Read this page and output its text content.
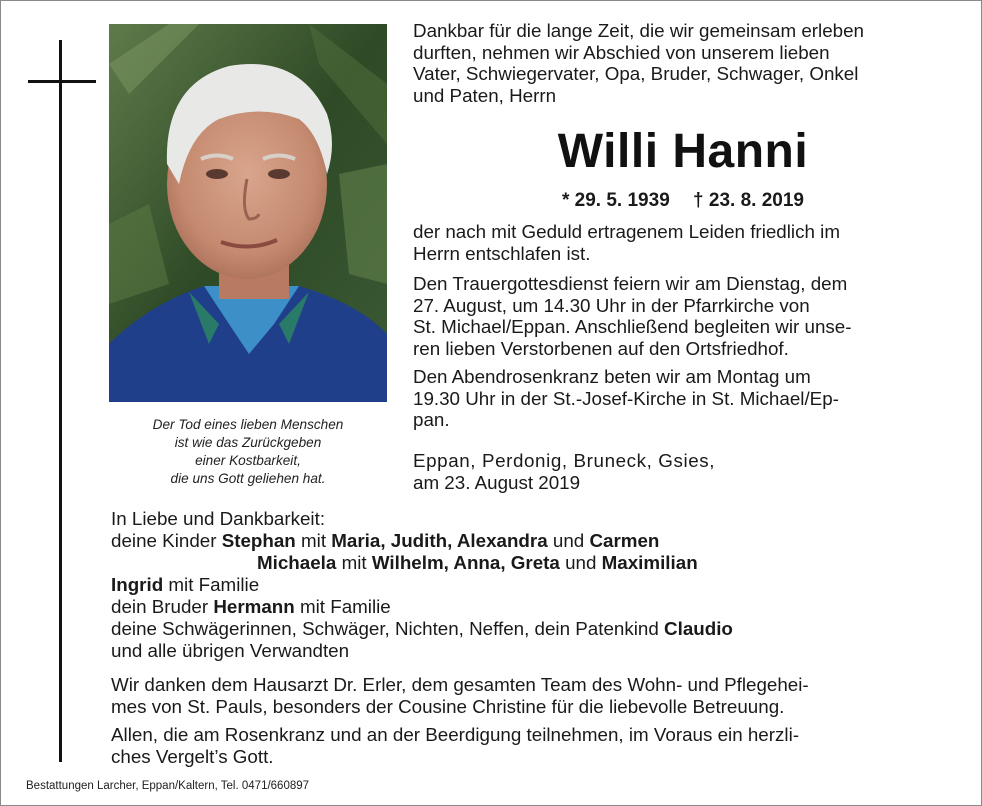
Der Tod eines lieben Menschen
ist wie das Zurückgeben
einer Kostbarkeit,
die uns Gott geliehen hat.
Dankbar für die lange Zeit, die wir gemeinsam erleben
durften, nehmen wir Abschied von unserem lieben
Vater, Schwiegervater, Opa, Bruder, Schwager, Onkel
und Paten, Herrn
Willi Hanni
* 29. 5. 1939 † 23. 8. 2019
der nach mit Geduld ertragenem Leiden friedlich im
Herrn entschlafen ist.
Den Trauergottesdienst feiern wir am Dienstag, dem
27. August, um 14.30 Uhr in der Pfarrkirche von
St. Michael/Eppan. Anschließend begleiten wir unse-
ren lieben Verstorbenen auf den Ortsfriedhof.
Den Abendrosenkranz beten wir am Montag um
19.30 Uhr in der St.-Josef-Kirche in St. Michael/Ep-
pan.
Eppan, Perdonig, Bruneck, Gsies,
am 23. August 2019
In Liebe und Dankbarkeit:
deine Kinder Stephan mit Maria, Judith, Alexandra und Carmen
Michaela mit Wilhelm, Anna, Greta und Maximilian
Ingrid mit Familie
dein Bruder Hermann mit Familie
deine Schwägerinnen, Schwäger, Nichten, Neffen, dein Patenkind Claudio
und alle übrigen Verwandten
Wir danken dem Hausarzt Dr. Erler, dem gesamten Team des Wohn- und Pflegehei-
mes von St. Pauls, besonders der Cousine Christine für die liebevolle Betreuung.
Allen, die am Rosenkranz und an der Beerdigung teilnehmen, im Voraus ein herzli-
ches Vergelt’s Gott.
Bestattungen Larcher, Eppan/Kaltern, Tel. 0471/660897
